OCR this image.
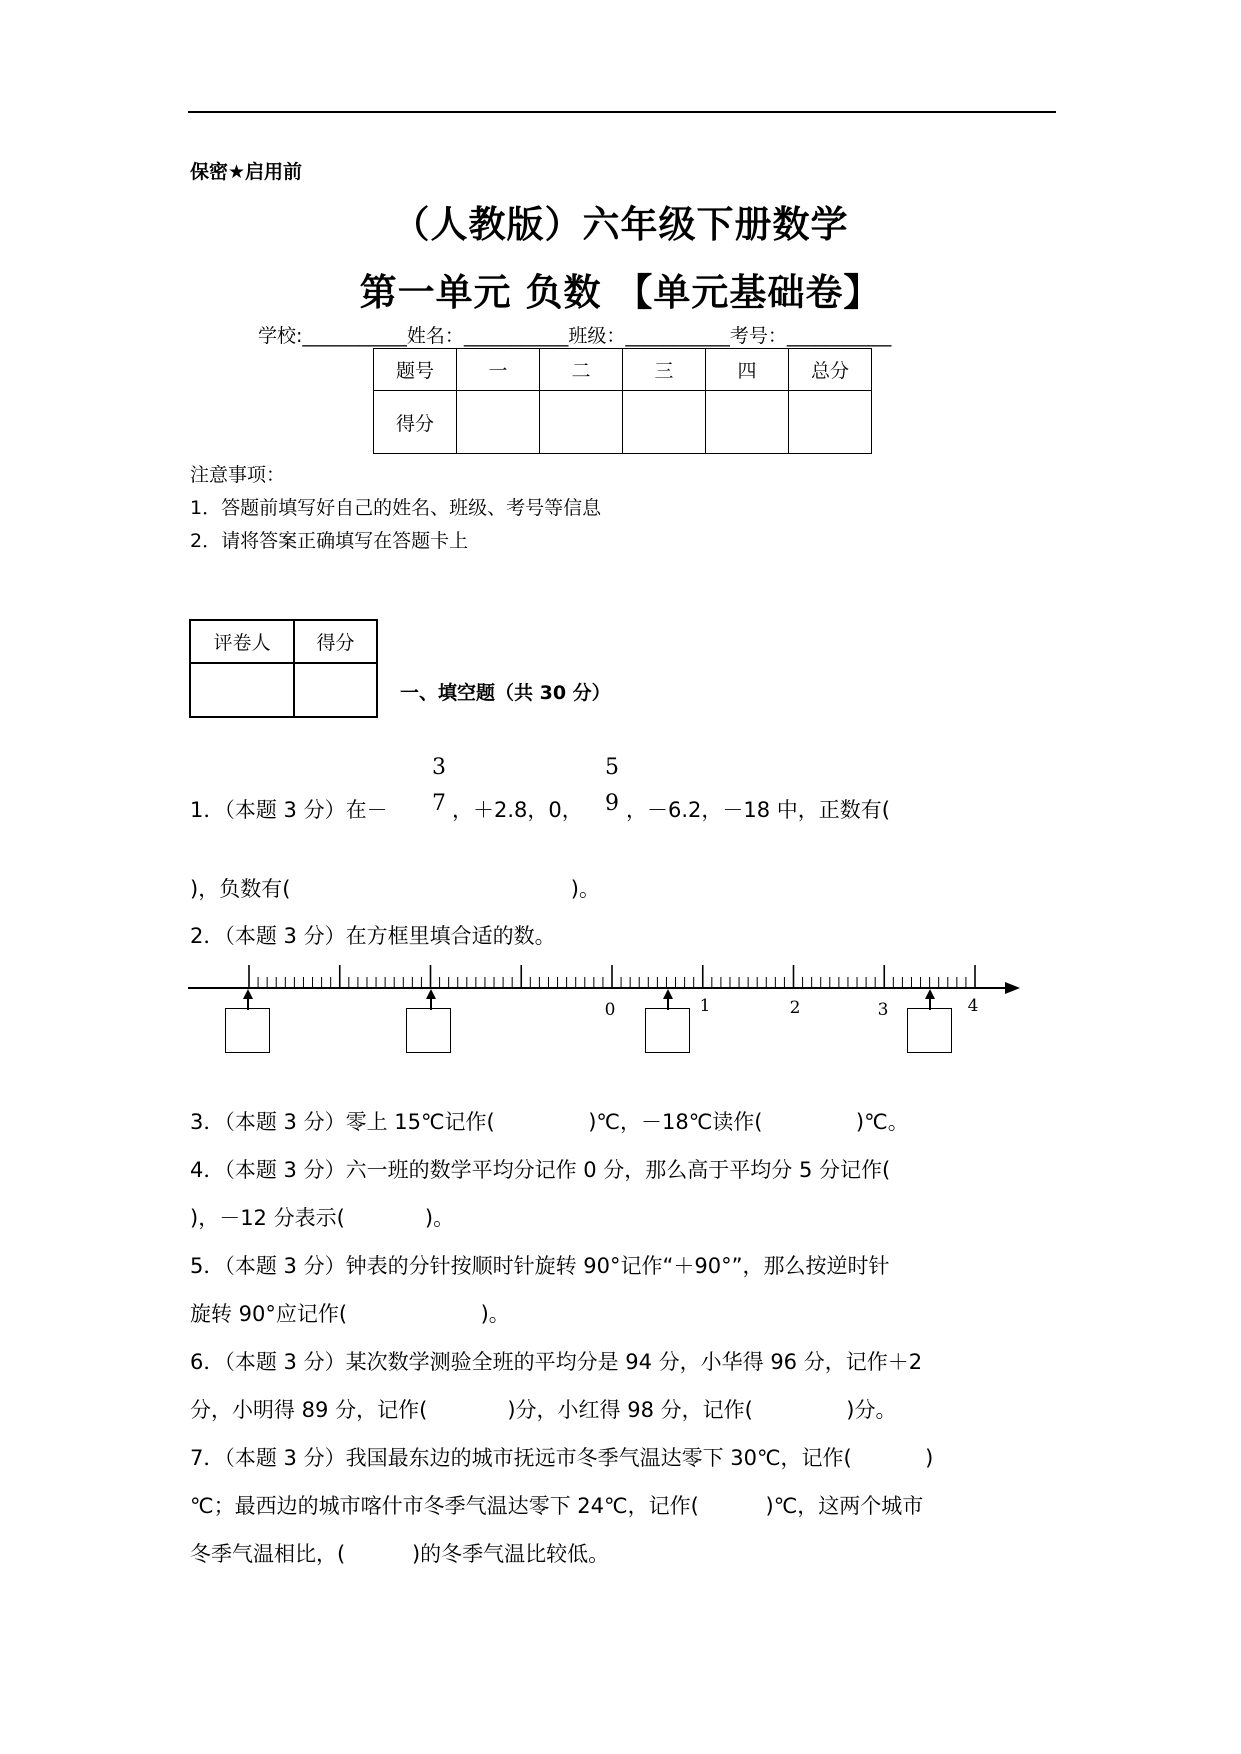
保密★启用前
（人教版）六年级下册数学
第一单元 负数 【单元基础卷】
学校:___________姓名：___________班级：___________考号：___________
题号	一	二	三	四	总分
得分					
注意事项：
1．答题前填写好自己的姓名、班级、考号等信息
2．请将答案正确填写在答题卡上
评卷人	得分

一、填空题（共 30 分）
1．（本题 3 分）在－
3
7 ，＋2.8，0，
5
9 ，－6.2，－18 中，正数有(
)，负数有(                                          )。
2．（本题 3 分）在方框里填合适的数。
0	1	2	3	4
3．（本题 3 分）零上 15℃记作(              )℃，－18℃读作(              )℃。
4．（本题 3 分）六一班的数学平均分记作 0 分，那么高于平均分 5 分记作(
)，－12 分表示(            )。
5．（本题 3 分）钟表的分针按顺时针旋转 90°记作“＋90°”，那么按逆时针
旋转 90°应记作(                    )。
6．（本题 3 分）某次数学测验全班的平均分是 94 分，小华得 96 分，记作＋2
分，小明得 89 分，记作(            )分，小红得 98 分，记作(              )分。
7．（本题 3 分）我国最东边的城市抚远市冬季气温达零下 30℃，记作(           )
℃；最西边的城市喀什市冬季气温达零下 24℃，记作(          )℃，这两个城市
冬季气温相比，(          )的冬季气温比较低。
